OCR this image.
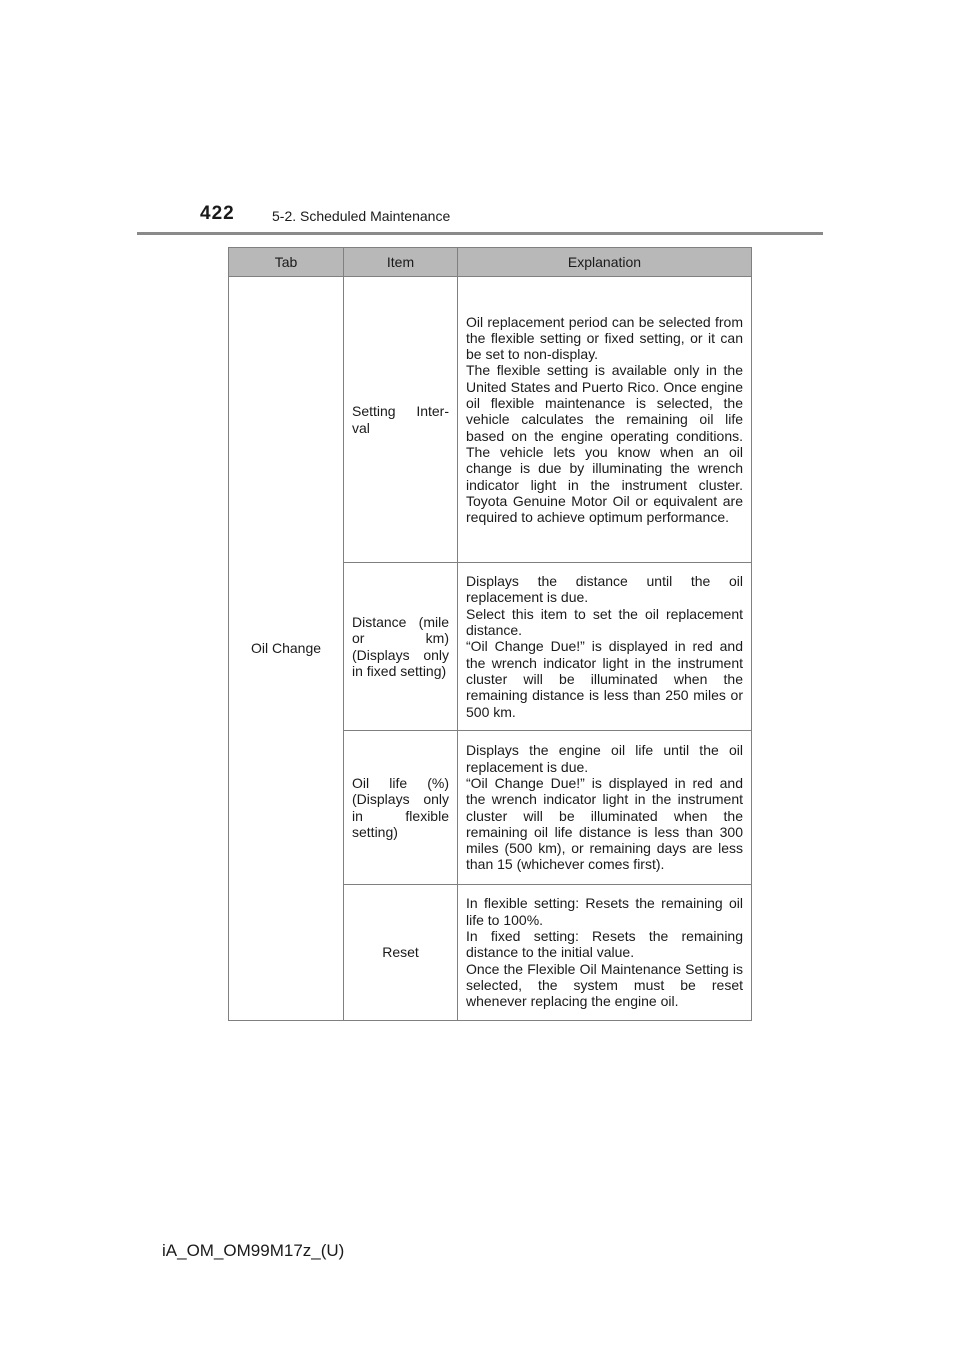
422	5-2. Scheduled Maintenance
Tab	Item	Explanation
Oil Change	Setting Inter-val	Oil replacement period can be selected from the flexible setting or fixed setting, or it can be set to non-display.
The flexible setting is available only in the United States and Puerto Rico. Once engine oil flexible maintenance is selected, the vehicle calculates the remaining oil life based on the engine operating conditions. The vehicle lets you know when an oil change is due by illuminating the wrench indicator light in the instrument cluster. Toyota Genuine Motor Oil or equivalent are required to achieve optimum performance.

	Distance (mile or km) (Displays only in fixed setting)	Displays the distance until the oil replacement is due.
Select this item to set the oil replacement distance.
“Oil Change Due!” is displayed in red and the wrench indicator light in the instrument cluster will be illuminated when the remaining distance is less than 250 miles or 500 km.

	Oil life (%) (Displays only in flexible setting)	Displays the engine oil life until the oil replacement is due.
“Oil Change Due!” is displayed in red and the wrench indicator light in the instrument cluster will be illuminated when the remaining oil life distance is less than 300 miles (500 km), or remaining days are less than 15 (whichever comes first).

	Reset	In flexible setting: Resets the remaining oil life to 100%.
In fixed setting: Resets the remaining distance to the initial value.
Once the Flexible Oil Maintenance Setting is selected, the system must be reset whenever replacing the engine oil.
iA_OM_OM99M17z_(U)
